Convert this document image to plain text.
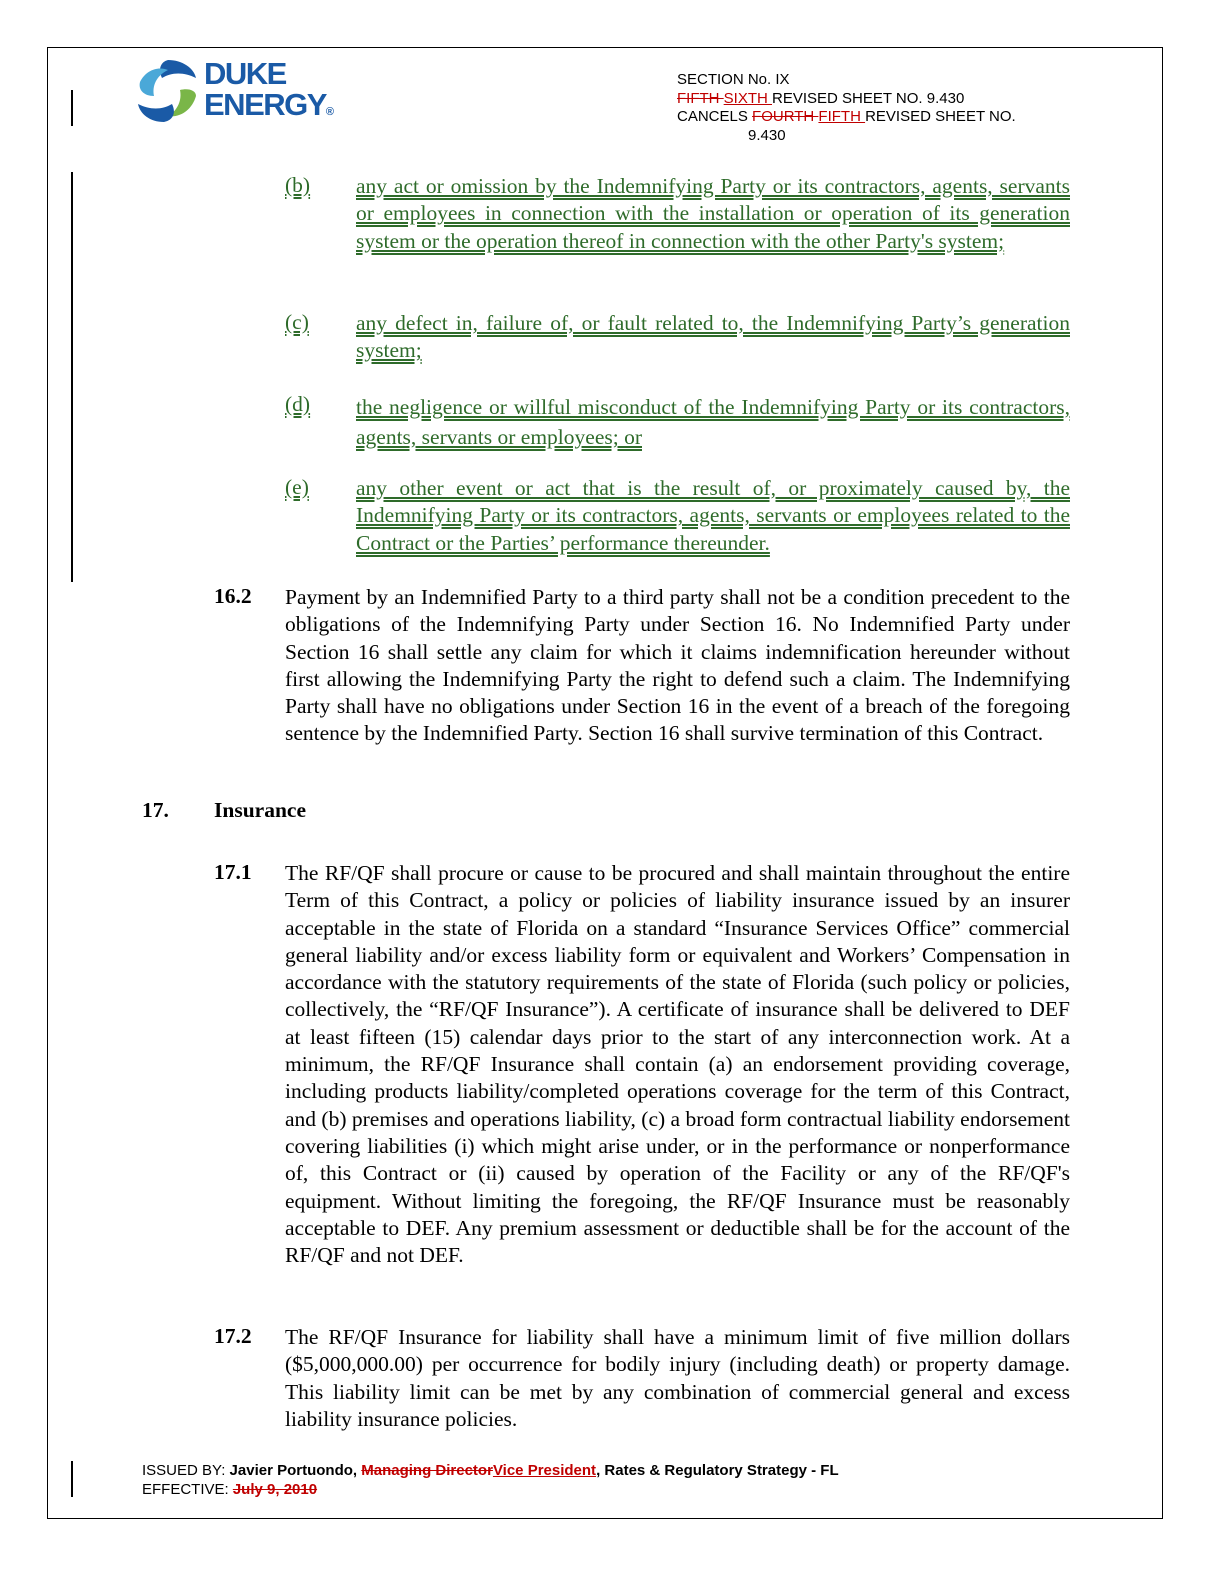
DUKE
ENERGY®
SECTION No. IX
FIFTH SIXTH REVISED SHEET NO. 9.430
CANCELS FOURTH FIFTH REVISED SHEET NO.
9.430
(b) any act or omission by the Indemnifying Party or its contractors, agents, servants or employees in connection with the installation or operation of its generation system or the operation thereof in connection with the other Party's system;
(c) any defect in, failure of, or fault related to, the Indemnifying Party’s generation system;
(d) the negligence or willful misconduct of the Indemnifying Party or its contractors, agents, servants or employees; or
(e) any other event or act that is the result of, or proximately caused by, the Indemnifying Party or its contractors, agents, servants or employees related to the Contract or the Parties’ performance thereunder.
16.2 Payment by an Indemnified Party to a third party shall not be a condition precedent to the obligations of the Indemnifying Party under Section 16. No Indemnified Party under Section 16 shall settle any claim for which it claims indemnification hereunder without first allowing the Indemnifying Party the right to defend such a claim. The Indemnifying Party shall have no obligations under Section 16 in the event of a breach of the foregoing sentence by the Indemnified Party. Section 16 shall survive termination of this Contract.
17. Insurance
17.1 The RF/QF shall procure or cause to be procured and shall maintain throughout the entire Term of this Contract, a policy or policies of liability insurance issued by an insurer acceptable in the state of Florida on a standard “Insurance Services Office” commercial general liability and/or excess liability form or equivalent and Workers’ Compensation in accordance with the statutory requirements of the state of Florida (such policy or policies, collectively, the “RF/QF Insurance”). A certificate of insurance shall be delivered to DEF at least fifteen (15) calendar days prior to the start of any interconnection work. At a minimum, the RF/QF Insurance shall contain (a) an endorsement providing coverage, including products liability/completed operations coverage for the term of this Contract, and (b) premises and operations liability, (c) a broad form contractual liability endorsement covering liabilities (i) which might arise under, or in the performance or nonperformance of, this Contract or (ii) caused by operation of the Facility or any of the RF/QF's equipment. Without limiting the foregoing, the RF/QF Insurance must be reasonably acceptable to DEF. Any premium assessment or deductible shall be for the account of the RF/QF and not DEF.
17.2 The RF/QF Insurance for liability shall have a minimum limit of five million dollars ($5,000,000.00) per occurrence for bodily injury (including death) or property damage. This liability limit can be met by any combination of commercial general and excess liability insurance policies.
ISSUED BY: Javier Portuondo, Managing DirectorVice President, Rates & Regulatory Strategy - FL
EFFECTIVE: July 9, 2010
